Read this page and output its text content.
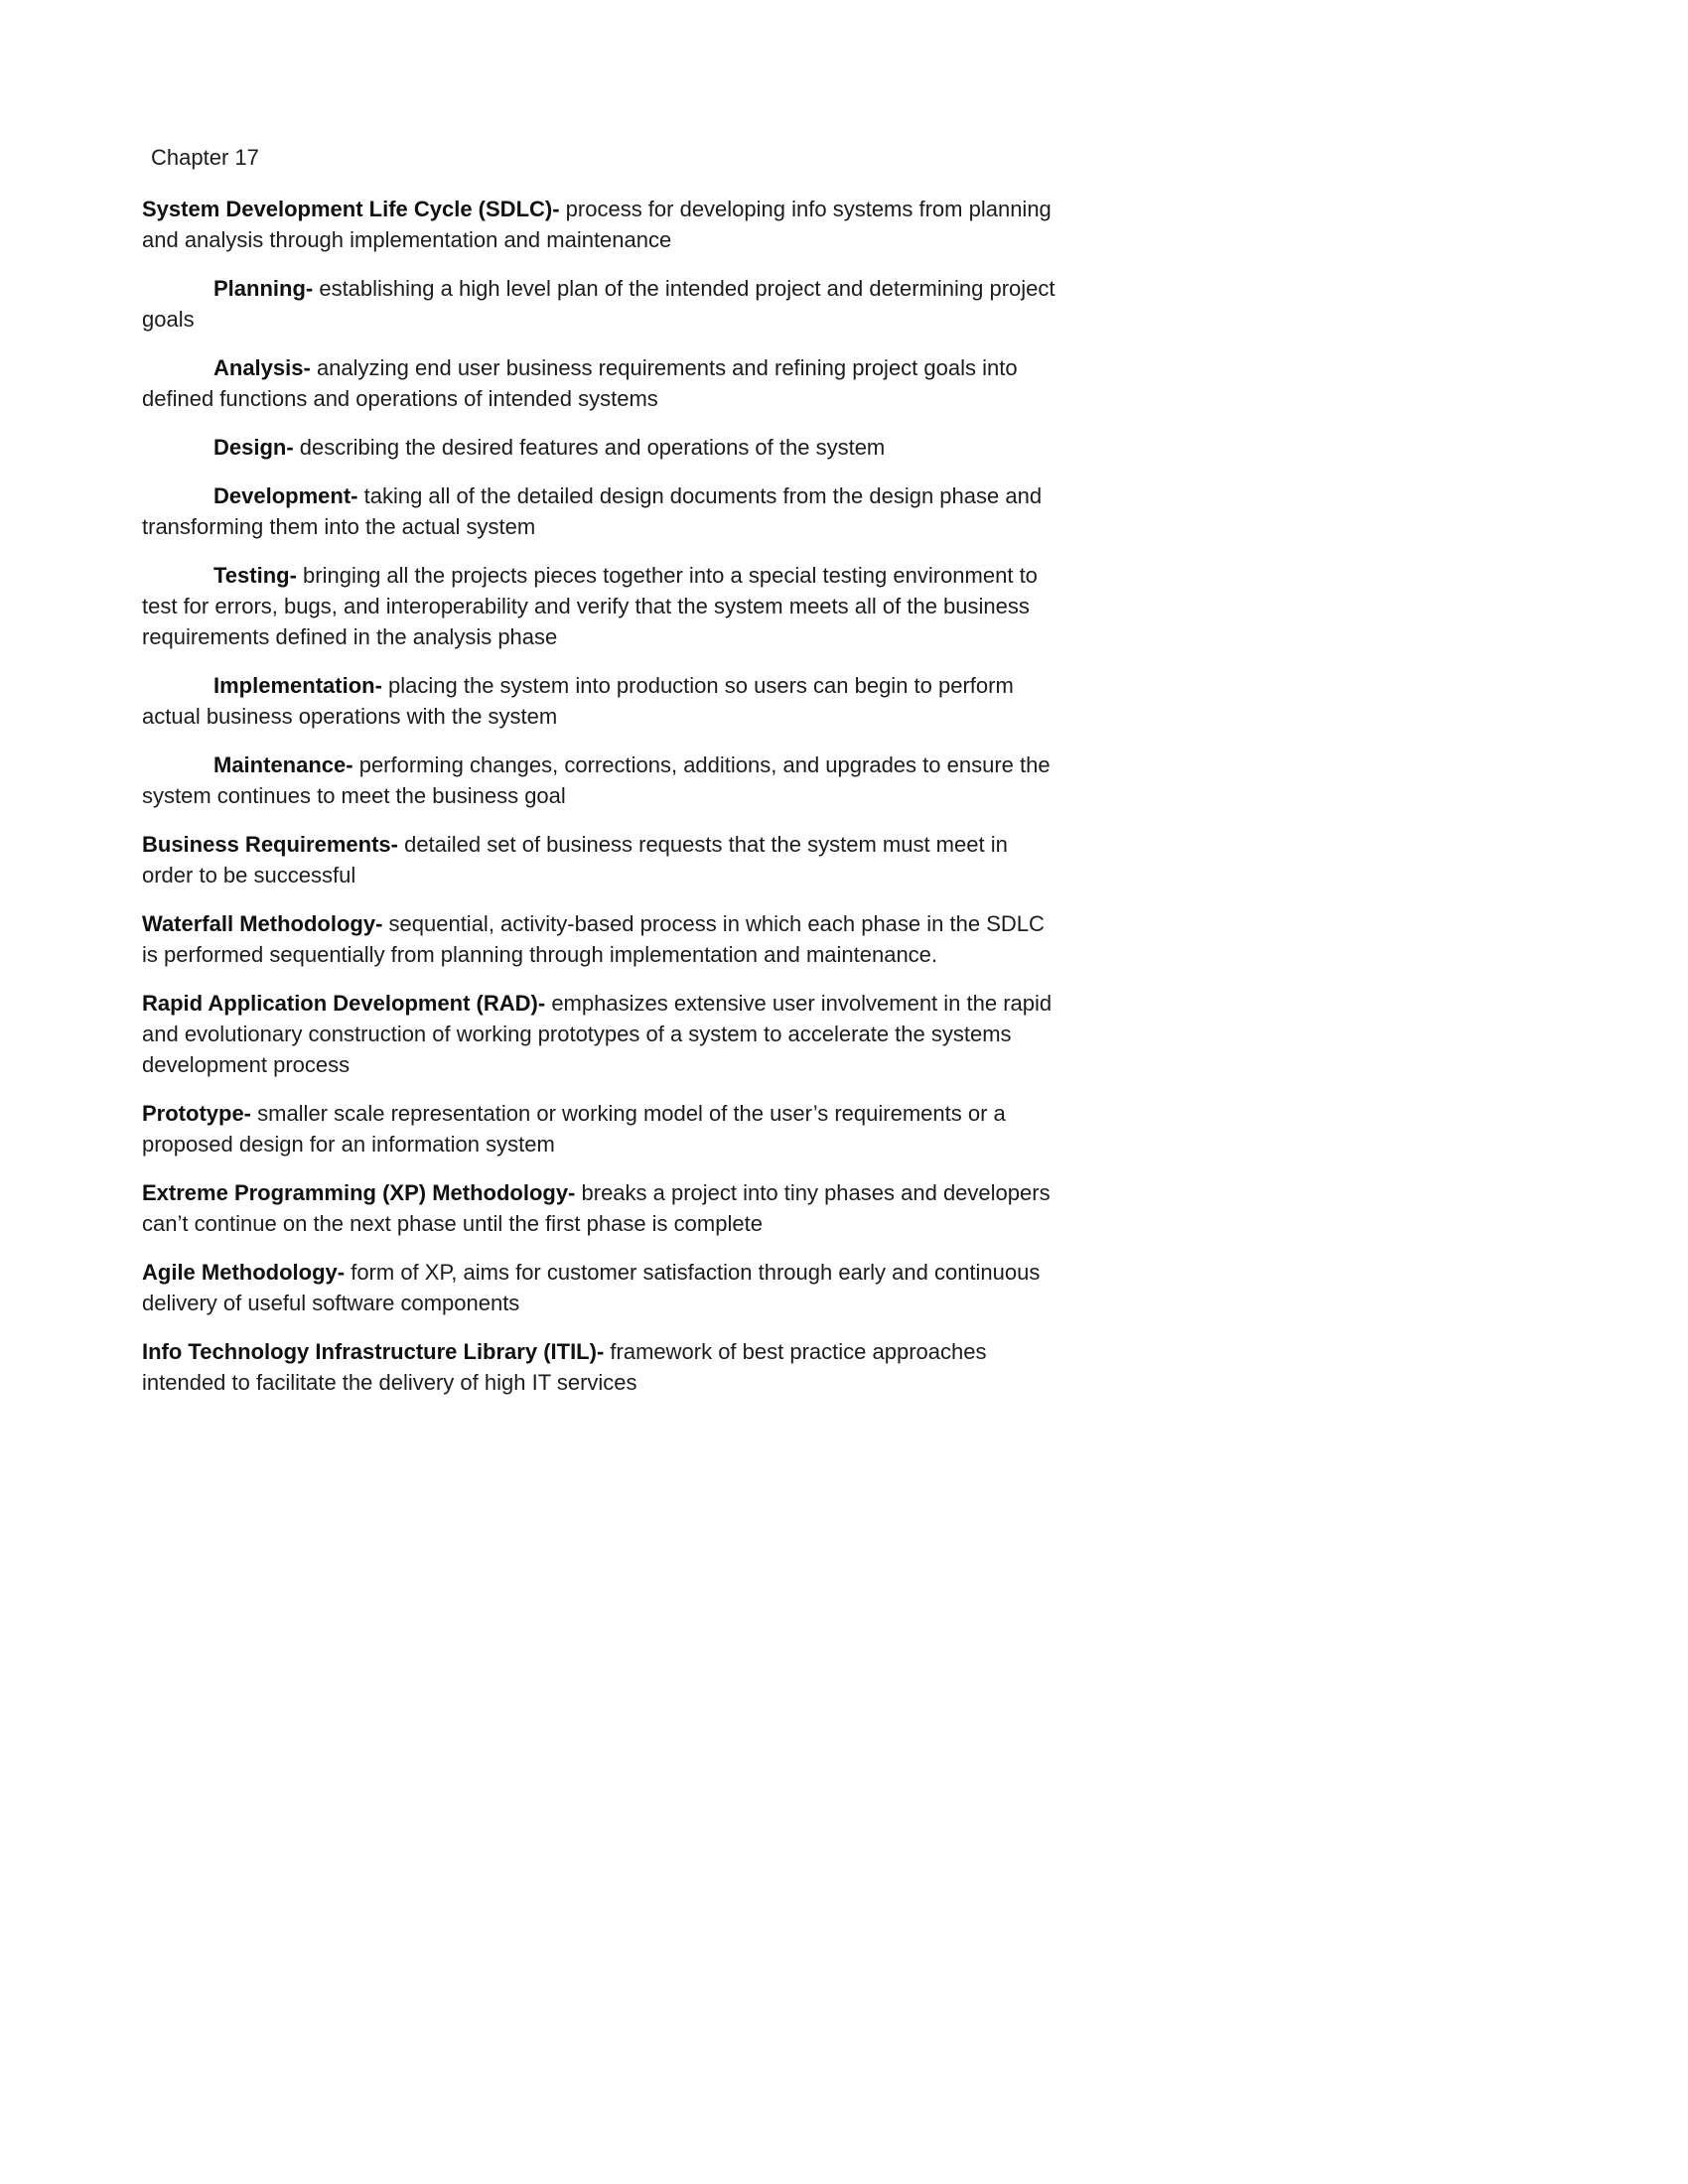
Chapter 17

System Development Life Cycle (SDLC)- process for developing info systems from planning and analysis through implementation and maintenance

Planning- establishing a high level plan of the intended project and determining project goals

Analysis- analyzing end user business requirements and refining project goals into defined functions and operations of intended systems

Design- describing the desired features and operations of the system

Development- taking all of the detailed design documents from the design phase and transforming them into the actual system

Testing- bringing all the projects pieces together into a special testing environment to test for errors, bugs, and interoperability and verify that the system meets all of the business requirements defined in the analysis phase

Implementation- placing the system into production so users can begin to perform actual business operations with the system

Maintenance- performing changes, corrections, additions, and upgrades to ensure the system continues to meet the business goal

Business Requirements- detailed set of business requests that the system must meet in order to be successful

Waterfall Methodology- sequential, activity-based process in which each phase in the SDLC is performed sequentially from planning through implementation and maintenance.

Rapid Application Development (RAD)- emphasizes extensive user involvement in the rapid and evolutionary construction of working prototypes of a system to accelerate the systems development process

Prototype- smaller scale representation or working model of the user’s requirements or a proposed design for an information system

Extreme Programming (XP) Methodology- breaks a project into tiny phases and developers can’t continue on the next phase until the first phase is complete

Agile Methodology- form of XP, aims for customer satisfaction through early and continuous delivery of useful software components

Info Technology Infrastructure Library (ITIL)- framework of best practice approaches intended to facilitate the delivery of high IT services
